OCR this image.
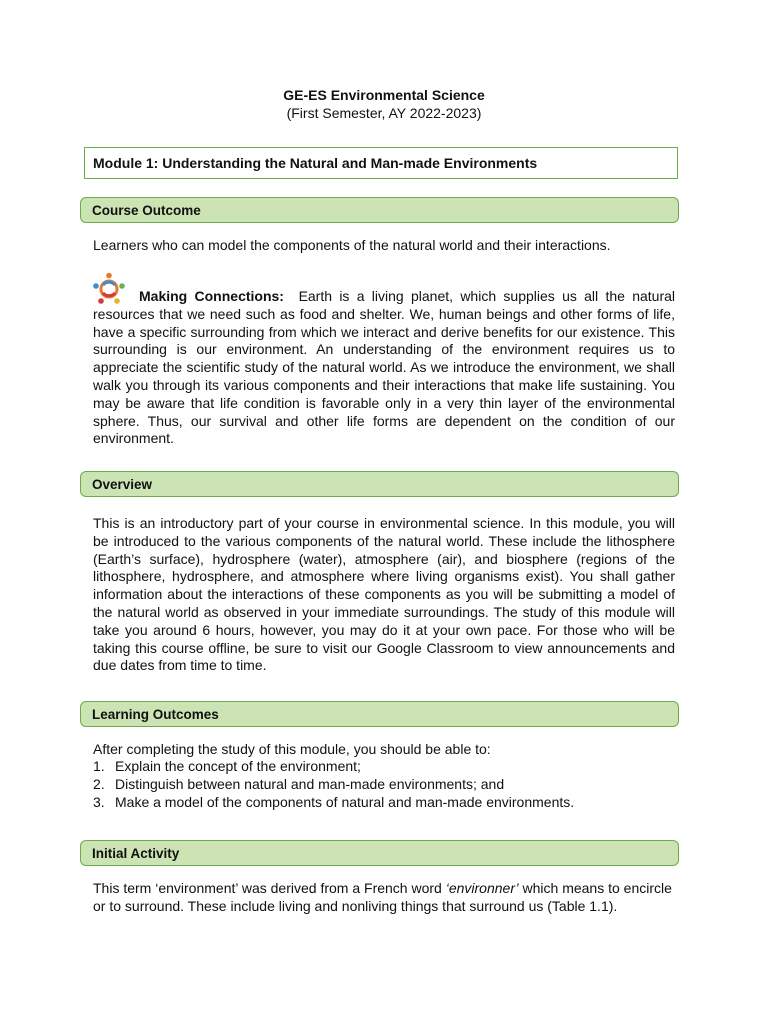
GE-ES Environmental Science
(First Semester, AY 2022-2023)
Module 1: Understanding the Natural and Man-made Environments
Course Outcome

Learners who can model the components of the natural world and their interactions.

Making Connections: Earth is a living planet, which supplies us all the natural resources that we need such as food and shelter. We, human beings and other forms of life, have a specific surrounding from which we interact and derive benefits for our existence. This surrounding is our environment. An understanding of the environment requires us to appreciate the scientific study of the natural world. As we introduce the environment, we shall walk you through its various components and their interactions that make life sustaining. You may be aware that life condition is favorable only in a very thin layer of the environmental sphere. Thus, our survival and other life forms are dependent on the condition of our environment.

Overview

This is an introductory part of your course in environmental science. In this module, you will be introduced to the various components of the natural world. These include the lithosphere (Earth’s surface), hydrosphere (water), atmosphere (air), and biosphere (regions of the lithosphere, hydrosphere, and atmosphere where living organisms exist). You shall gather information about the interactions of these components as you will be submitting a model of the natural world as observed in your immediate surroundings. The study of this module will take you around 6 hours, however, you may do it at your own pace. For those who will be taking this course offline, be sure to visit our Google Classroom to view announcements and due dates from time to time.

Learning Outcomes

After completing the study of this module, you should be able to:

1. Explain the concept of the environment;
2. Distinguish between natural and man-made environments; and
3. Make a model of the components of natural and man-made environments.
Initial Activity

This term ‘environment’ was derived from a French word ‘environner’ which means to encircle or to surround. These include living and nonliving things that surround us (Table 1.1).
